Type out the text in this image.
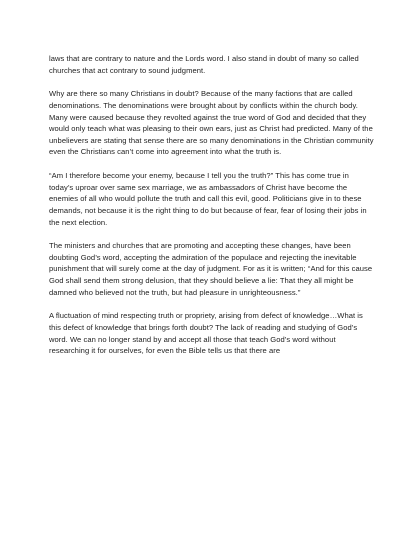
laws that are contrary to nature and the Lords word. I also stand in doubt of many so called churches that act contrary to sound judgment.

Why are there so many Christians in doubt? Because of the many factions that are called denominations. The denominations were brought about by conflicts within the church body. Many were caused because they revolted against the true word of God and decided that they would only teach what was pleasing to their own ears, just as Christ had predicted. Many of the unbelievers are stating that sense there are so many denominations in the Christian community even the Christians can’t come into agreement into what the truth is.

“Am I therefore become your enemy, because I tell you the truth?” This has come true in today’s uproar over same sex marriage, we as ambassadors of Christ have become the enemies of all who would pollute the truth and call this evil, good. Politicians give in to these demands, not because it is the right thing to do but because of fear, fear of losing their jobs in the next election.

The ministers and churches that are promoting and accepting these changes, have been doubting God’s word, accepting the admiration of the populace and rejecting the inevitable punishment that will surely come at the day of judgment. For as it is written; “And for this cause God shall send them strong delusion, that they should believe a lie: That they all might be damned who believed not the truth, but had pleasure in unrighteousness.”

A fluctuation of mind respecting truth or propriety, arising from defect of knowledge…What is this defect of knowledge that brings forth doubt? The lack of reading and studying of God’s word. We can no longer stand by and accept all those that teach God’s word without researching it for ourselves, for even the Bible tells us that there are
